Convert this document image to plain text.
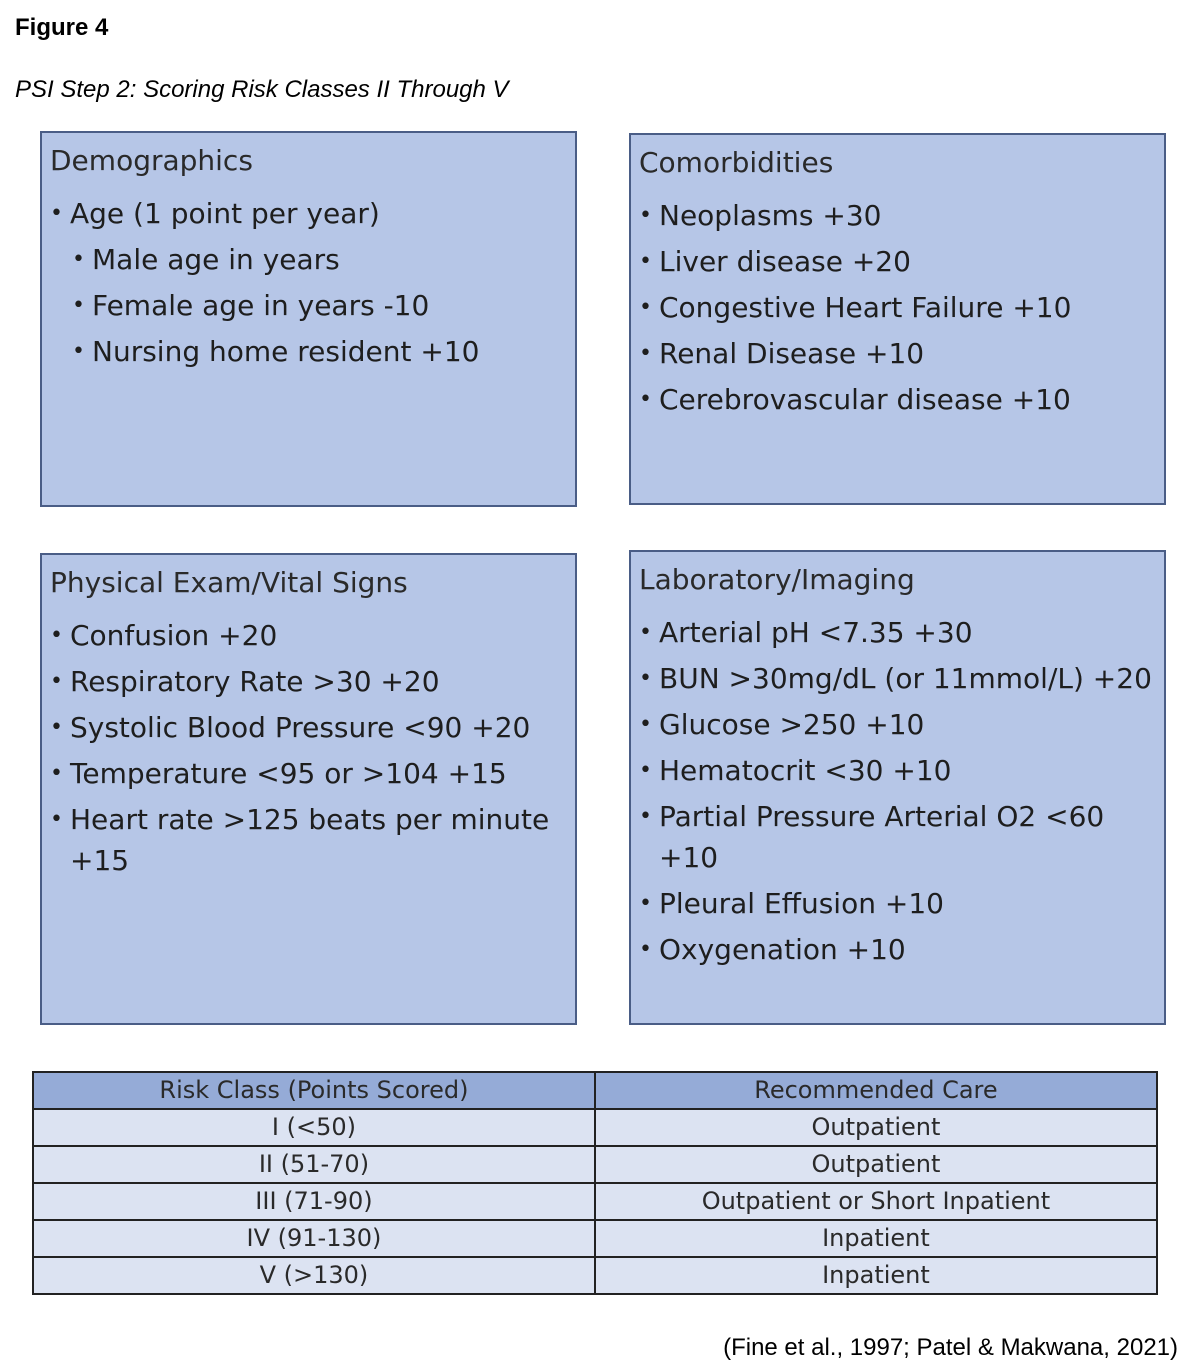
Figure 4
PSI Step 2: Scoring Risk Classes II Through V
Demographics
• Age (1 point per year)
• Male age in years
• Female age in years -10
• Nursing home resident +10
Comorbidities
• Neoplasms +30
• Liver disease +20
• Congestive Heart Failure +10
• Renal Disease +10
• Cerebrovascular disease +10
Physical Exam/Vital Signs
• Confusion +20
• Respiratory Rate >30 +20
• Systolic Blood Pressure <90 +20
• Temperature <95 or >104 +15
• Heart rate >125 beats per minute +15
Laboratory/Imaging
• Arterial pH <7.35 +30
• BUN >30mg/dL (or 11mmol/L) +20
• Glucose >250 +10
• Hematocrit <30 +10
• Partial Pressure Arterial O2 <60 +10
• Pleural Effusion +10
• Oxygenation +10
Risk Class (Points Scored)	Recommended Care
I (<50)	Outpatient
II (51-70)	Outpatient
III (71-90)	Outpatient or Short Inpatient
IV (91-130)	Inpatient
V (>130)	Inpatient
(Fine et al., 1997; Patel & Makwana, 2021)
